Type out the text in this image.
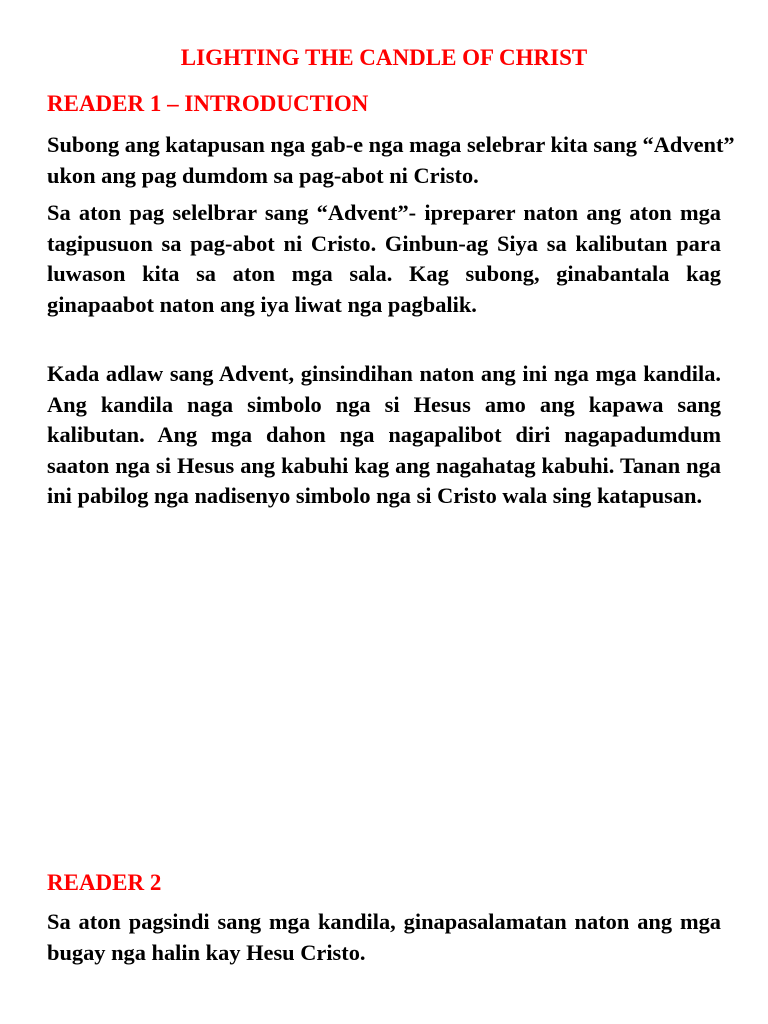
LIGHTING THE CANDLE OF CHRIST
READER 1 – INTRODUCTION

Subong ang katapusan nga gab-e nga maga selebrar kita sang “Advent” ukon ang pag dumdom sa pag-abot ni Cristo.

Sa aton pag selelbrar sang “Advent”- ipreparer naton ang aton mga tagipusuon sa pag-abot ni Cristo. Ginbun-ag Siya sa kalibutan para luwason kita sa aton mga sala. Kag subong, ginabantala kag ginapaabot naton ang iya liwat nga pagbalik.

Kada adlaw sang Advent, ginsindihan naton ang ini nga mga kandila. Ang kandila naga simbolo nga si Hesus amo ang kapawa sang kalibutan. Ang mga dahon nga nagapalibot diri nagapadumdum saaton nga si Hesus ang kabuhi kag ang nagahatag kabuhi. Tanan nga ini pabilog nga nadisenyo simbolo nga si Cristo wala sing katapusan.

READER 2

Sa aton pagsindi sang mga kandila, ginapasalamatan naton ang mga bugay nga halin kay Hesu Cristo.
